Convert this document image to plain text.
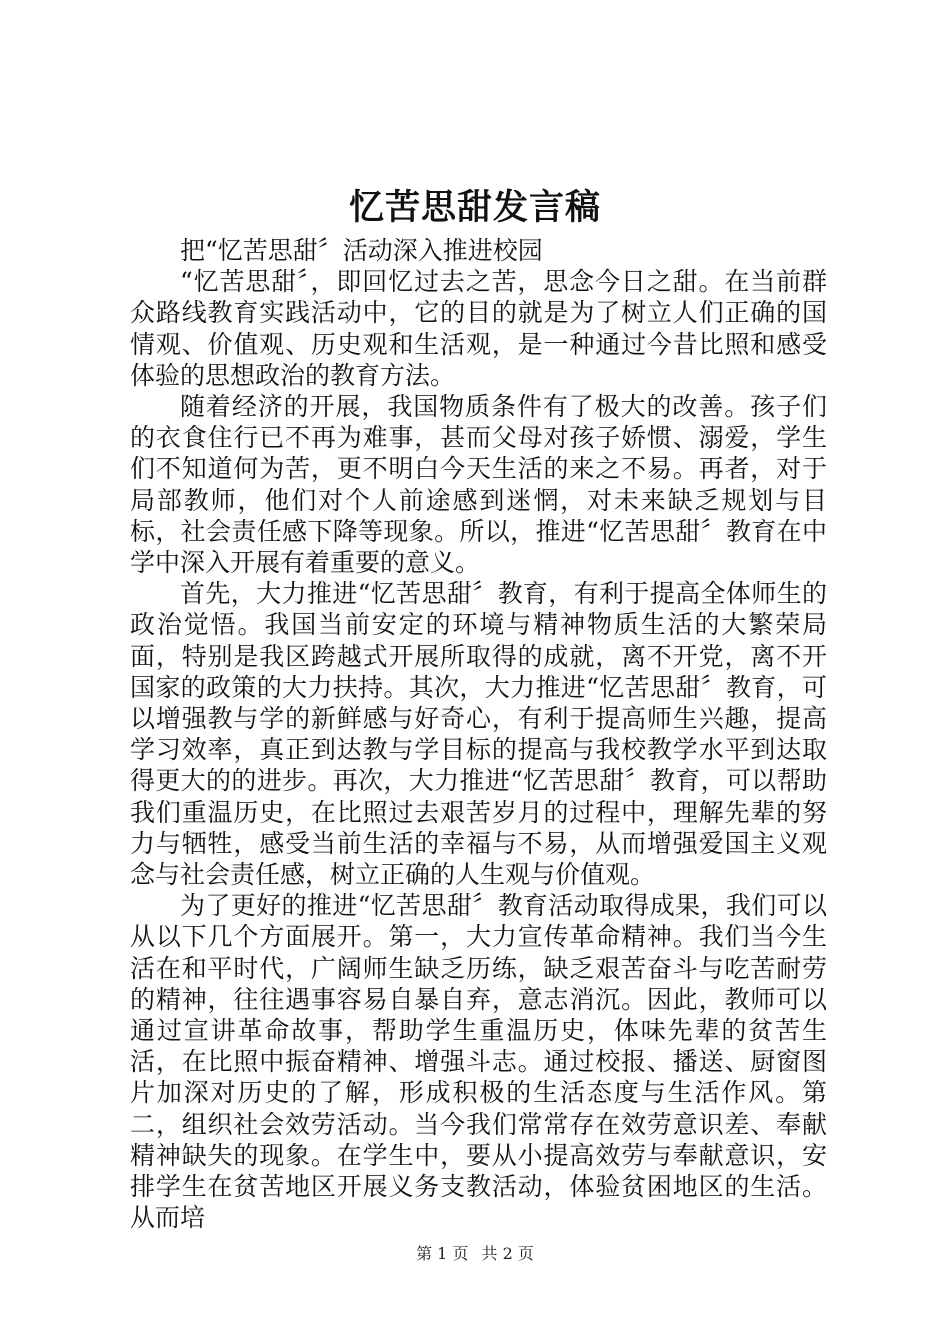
忆苦思甜发言稿

把“忆苦思甜〞活动深入推进校园

“忆苦思甜〞，即回忆过去之苦，思念今日之甜。在当前群众路线教育实践活动中，它的目的就是为了树立人们正确的国情观、价值观、历史观和生活观，是一种通过今昔比照和感受体验的思想政治的教育方法。

随着经济的开展，我国物质条件有了极大的改善。孩子们的衣食住行已不再为难事，甚而父母对孩子娇惯、溺爱，学生们不知道何为苦，更不明白今天生活的来之不易。再者，对于局部教师，他们对个人前途感到迷惘，对未来缺乏规划与目标，社会责任感下降等现象。所以，推进“忆苦思甜〞教育在中学中深入开展有着重要的意义。

首先，大力推进“忆苦思甜〞教育，有利于提高全体师生的政治觉悟。我国当前安定的环境与精神物质生活的大繁荣局面，特别是我区跨越式开展所取得的成就，离不开党，离不开国家的政策的大力扶持。其次，大力推进“忆苦思甜〞教育，可以增强教与学的新鲜感与好奇心，有利于提高师生兴趣，提高学习效率，真正到达教与学目标的提高与我校教学水平到达取得更大的的进步。再次，大力推进“忆苦思甜〞教育，可以帮助我们重温历史，在比照过去艰苦岁月的过程中，理解先辈的努力与牺牲，感受当前生活的幸福与不易，从而增强爱国主义观念与社会责任感，树立正确的人生观与价值观。

为了更好的推进“忆苦思甜〞教育活动取得成果，我们可以从以下几个方面展开。第一，大力宣传革命精神。我们当今生活在和平时代，广阔师生缺乏历练，缺乏艰苦奋斗与吃苦耐劳的精神，往往遇事容易自暴自弃，意志消沉。因此，教师可以通过宣讲革命故事，帮助学生重温历史，体味先辈的贫苦生活，在比照中振奋精神、增强斗志。通过校报、播送、厨窗图片加深对历史的了解，形成积极的生活态度与生活作风。第二，组织社会效劳活动。当今我们常常存在效劳意识差、奉献精神缺失的现象。在学生中，要从小提高效劳与奉献意识，安排学生在贫苦地区开展义务支教活动，体验贫困地区的生活。从而培

第 1 页 共 2 页
